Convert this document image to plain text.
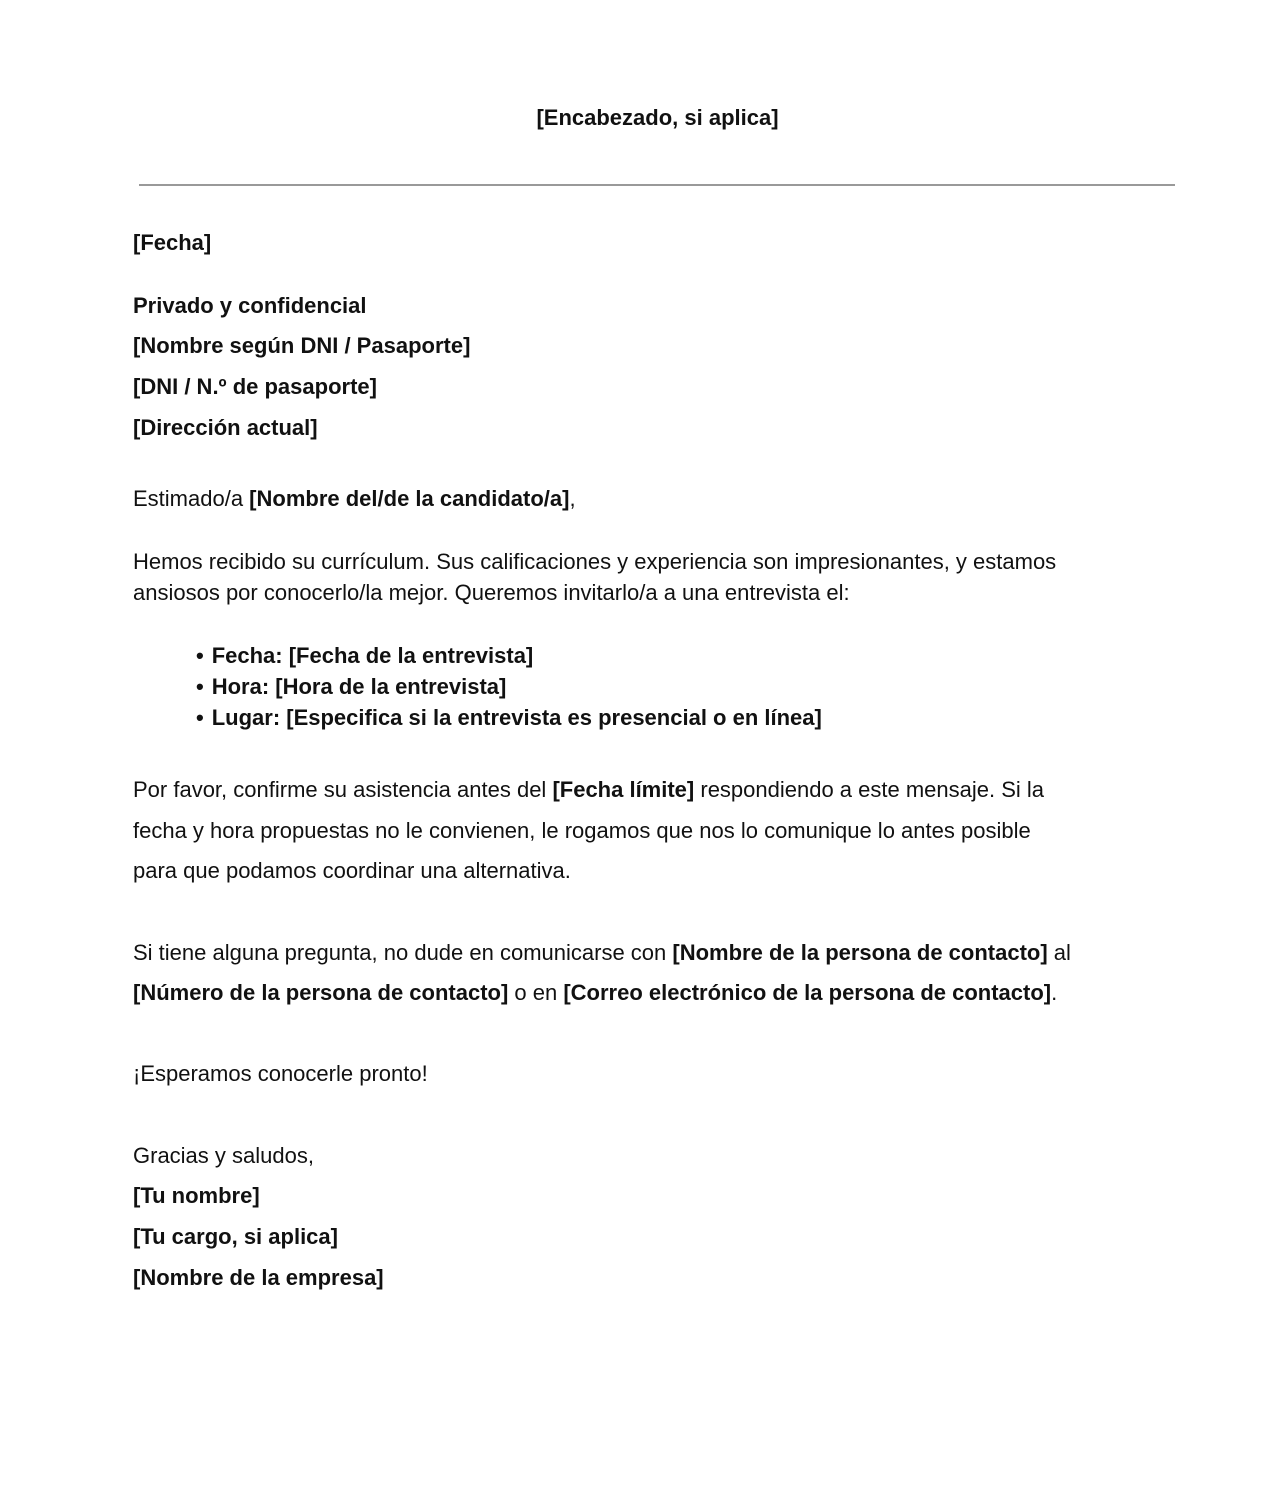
[Encabezado, si aplica]
[Fecha]
Privado y confidencial
[Nombre según DNI / Pasaporte]
[DNI / N.º de pasaporte]
[Dirección actual]
Estimado/a [Nombre del/de la candidato/a],
Hemos recibido su currículum. Sus calificaciones y experiencia son impresionantes, y estamos
ansiosos por conocerlo/la mejor. Queremos invitarlo/a a una entrevista el:
• Fecha: [Fecha de la entrevista]
• Hora: [Hora de la entrevista]
• Lugar: [Especifica si la entrevista es presencial o en línea]
Por favor, confirme su asistencia antes del [Fecha límite] respondiendo a este mensaje. Si la
fecha y hora propuestas no le convienen, le rogamos que nos lo comunique lo antes posible
para que podamos coordinar una alternativa.
Si tiene alguna pregunta, no dude en comunicarse con [Nombre de la persona de contacto] al
[Número de la persona de contacto] o en [Correo electrónico de la persona de contacto].
¡Esperamos conocerle pronto!
Gracias y saludos,
[Tu nombre]
[Tu cargo, si aplica]
[Nombre de la empresa]
